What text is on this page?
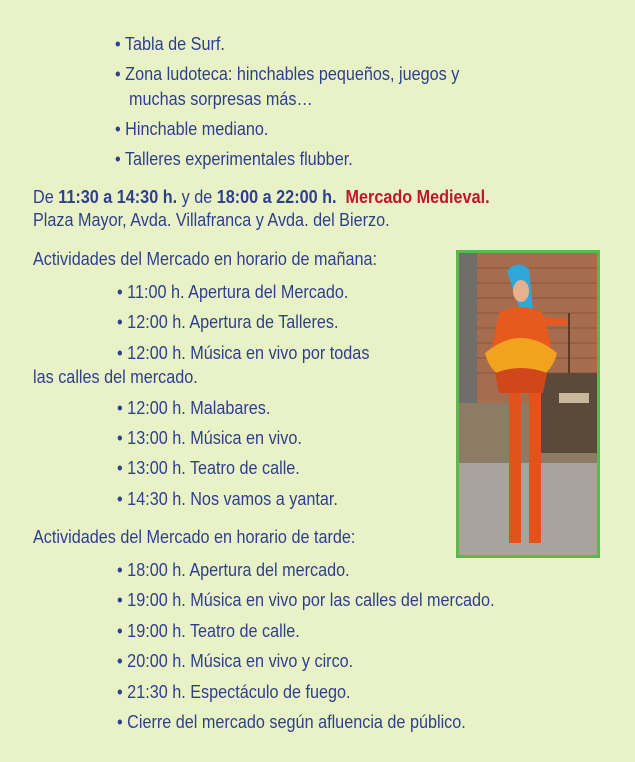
• Tabla de Surf.
• Zona ludoteca: hinchables pequeños, juegos y
muchas sorpresas más…
• Hinchable mediano.
• Talleres experimentales flubber.
De 11:30 a 14:30 h. y de 18:00 a 22:00 h. Mercado Medieval.
Plaza Mayor, Avda. Villafranca y Avda. del Bierzo.
Actividades del Mercado en horario de mañana:
• 11:00 h. Apertura del Mercado.
• 12:00 h. Apertura de Talleres.
• 12:00 h. Música en vivo por todas
las calles del mercado.
• 12:00 h. Malabares.
• 13:00 h. Música en vivo.
• 13:00 h. Teatro de calle.
• 14:30 h. Nos vamos a yantar.
Actividades del Mercado en horario de tarde:
• 18:00 h. Apertura del mercado.
• 19:00 h. Música en vivo por las calles del mercado.
• 19:00 h. Teatro de calle.
• 20:00 h. Música en vivo y circo.
• 21:30 h. Espectáculo de fuego.
• Cierre del mercado según afluencia de público.
